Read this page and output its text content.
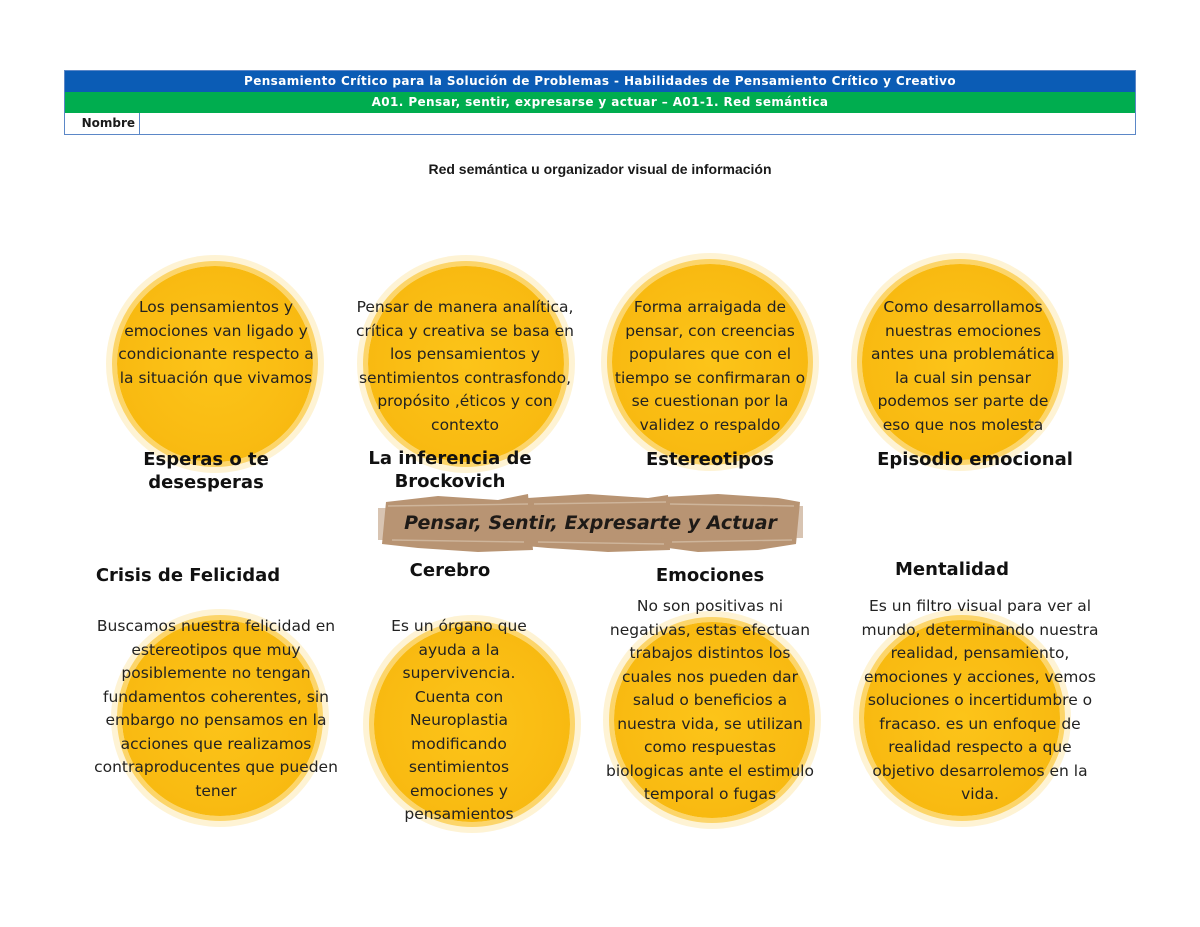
Pensamiento Crítico para la Solución de Problemas - Habilidades de Pensamiento Crítico y Creativo
A01. Pensar, sentir, expresarse y actuar – A01-1. Red semántica
Nombre
Red semántica u organizador visual de información
Los pensamientos y emociones van ligado y condicionante respecto a la situación que vivamos
Pensar de manera analítica, crítica y creativa se basa en los pensamientos y sentimientos contrasfondo, propósito ,éticos y con contexto
Forma arraigada de pensar, con creencias populares que con el tiempo se confirmaran o se cuestionan por la validez o respaldo
Como desarrollamos nuestras emociones antes una problemática la cual sin pensar podemos ser parte de eso que nos molesta
Esperas o te desesperas
La inferencia de Brockovich
Estereotipos	Episodio emocional
Pensar, Sentir, Expresarte y Actuar
Crisis de Felicidad	Cerebro	Emociones	Mentalidad
Buscamos nuestra felicidad en estereotipos que muy posiblemente no tengan fundamentos coherentes, sin embargo no pensamos en la acciones que realizamos contraproducentes que pueden tener
Es un órgano que ayuda a la supervivencia. Cuenta con Neuroplastia modificando sentimientos emociones y pensamientos
No son positivas ni negativas, estas efectuan trabajos distintos los cuales nos pueden dar salud o beneficios a nuestra vida, se utilizan como respuestas biologicas ante el estimulo temporal o fugas
Es un filtro visual para ver al mundo, determinando nuestra realidad, pensamiento, emociones y acciones, vemos soluciones o incertidumbre o fracaso. es un enfoque de realidad respecto a que objetivo desarrolemos en la vida.
